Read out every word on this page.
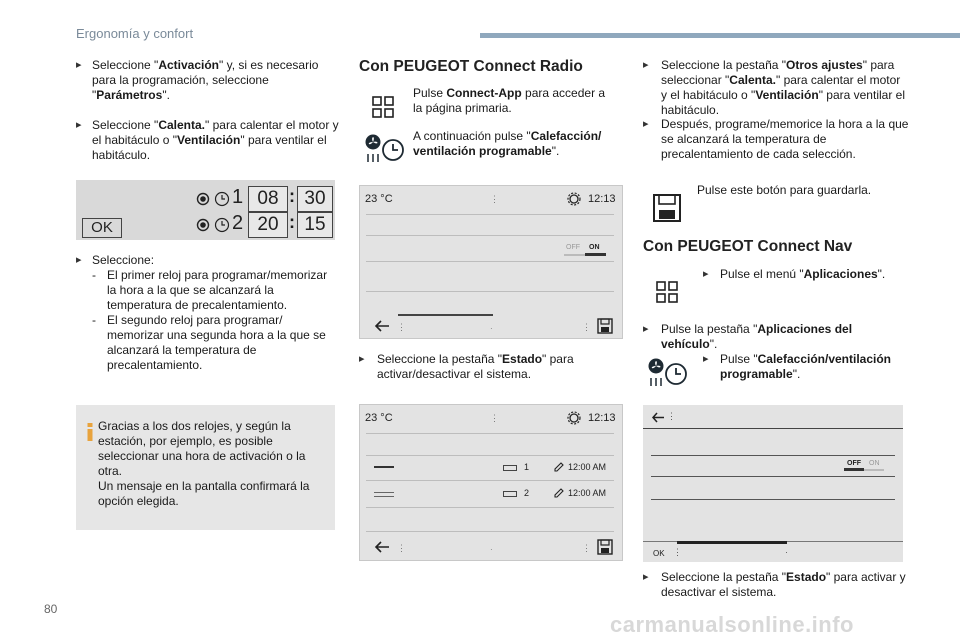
Ergonomía y confort
▸ Seleccione "Activación" y, si es necesario para la programación, seleccione "Parámetros".
▸ Seleccione "Calenta." para calentar el motor y el habitáculo o "Ventilación" para ventilar el habitáculo.
1 08 : 30
2 20 : 15
OK
▸ Seleccione:
- El primer reloj para programar/memorizar la hora a la que se alcanzará la temperatura de precalentamiento.
- El segundo reloj para programar/ memorizar una segunda hora a la que se alcanzará la temperatura de precalentamiento.
Gracias a los dos relojes, y según la estación, por ejemplo, es posible seleccionar una hora de activación o la otra.
Un mensaje en la pantalla confirmará la opción elegida.
Con PEUGEOT Connect Radio
Pulse Connect-App para acceder a la página primaria.
A continuación pulse "Calefacción/ ventilación programable".
23 °C	⋮	12:13
OFF ON
⋮	·	⋮
▸	Seleccione la pestaña "Estado" para activar/desactivar el sistema.
23 °C	⋮	12:13
1	12:00 AM
2	12:00 AM
⋮	·	⋮
▸	Seleccione la pestaña "Otros ajustes" para seleccionar "Calenta." para calentar el motor y el habitáculo o "Ventilación" para ventilar el habitáculo.
▸	Después, programe/memorice la hora a la que se alcanzará la temperatura de precalentamiento de cada selección.
Pulse este botón para guardarla.
Con PEUGEOT Connect Nav
▸ Pulse el menú "Aplicaciones".
▸	Pulse la pestaña "Aplicaciones del vehículo".
▸ Pulse "Calefacción/ventilación programable".
⋮
OFF ON
OK ⋮	·
▸	Seleccione la pestaña "Estado" para activar y desactivar el sistema.
80
carmanualsonline.info
